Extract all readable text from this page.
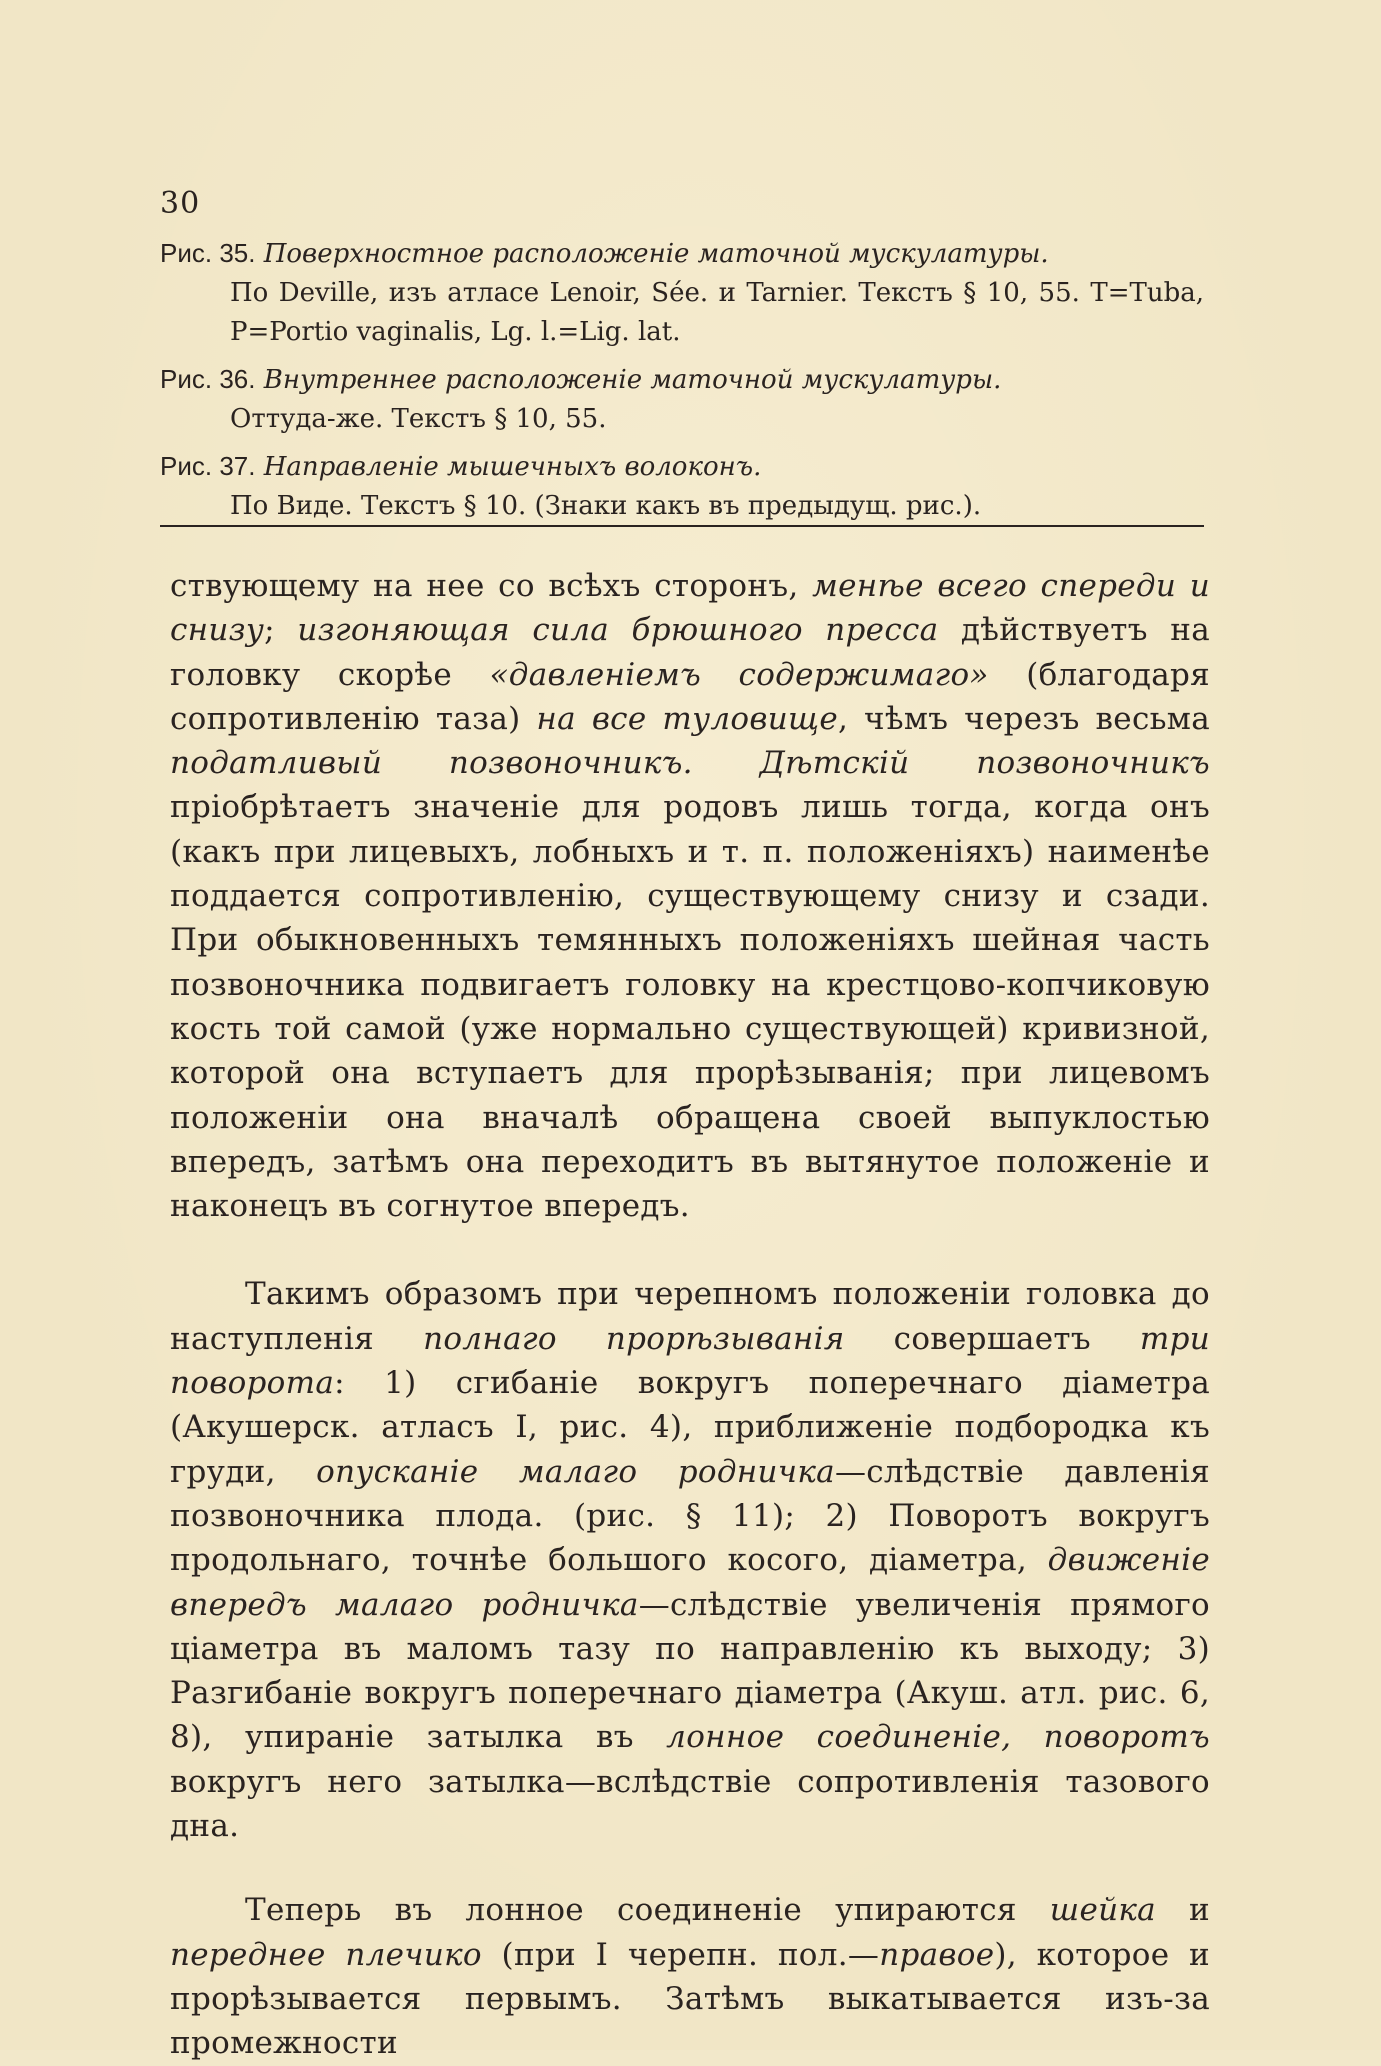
30
Рис. 35. Поверхностное расположеніе маточной мускулатуры.
По Deville, изъ атласе Lenoir, Sée. и Tarnier. Текстъ § 10, 55. T=Tuba, P=Portio vaginalis, Lg. l.=Lig. lat.
Рис. 36. Внутреннее расположеніе маточной мускулатуры.
Оттуда-же. Текстъ § 10, 55.
Рис. 37. Направленіе мышечныхъ волоконъ.
По Bидe. Текстъ § 10. (Знаки какъ въ предыдущ. рис.).

ствующему на нее со всѣхъ сторонъ, менѣе всего спереди и снизу; изгоняющая сила брюшного пресса дѣйствуетъ на головку скорѣе «давленіемъ содержимаго» (благодаря сопротивленію таза) на все туловище, чѣмъ черезъ весьма податливый позвоночникъ. Дѣтскій позвоночникъ пріобрѣтаетъ значеніе для родовъ лишь тогда, когда онъ (какъ при лицевыхъ, лобныхъ и т. п. положеніяхъ) наименѣе поддается сопротивленію, существующему снизу и сзади. При обыкновенныхъ темянныхъ положеніяхъ шейная часть позвоночника подвигаетъ головку на крестцово-копчиковую кость той самой (уже нормально существующей) кривизной, которой она вступаетъ для прорѣзыванія; при лицевомъ положеніи она вначалѣ обращена своей выпуклостью впередъ, затѣмъ она переходитъ въ вытянутое положеніе и наконецъ въ согнутое впередъ.

Такимъ образомъ при черепномъ положеніи головка до наступленія полнаго прорѣзыванія совершаетъ три поворота: 1) сгибаніе вокругъ поперечнаго діаметра (Акушерск. атласъ I, рис. 4), приближеніе подбородка къ груди, опусканіе малаго родничка—слѣдствіе давленія позвоночника плода. (рис. § 11); 2) Поворотъ вокругъ продольнаго, точнѣе большого косого, діаметра, движеніе впередъ малаго родничка—слѣдствіе увеличенія прямого ціаметра въ маломъ тазу по направленію къ выходу; 3) Разгибаніе вокругъ поперечнаго діаметра (Акуш. атл. рис. 6, 8), упираніе затылка въ лонное соединеніе, поворотъ вокругъ него затылка—вслѣдствіе сопротивленія тазового дна.

Теперь въ лонное соединеніе упираются шейка и переднее плечико (при I черепн. пол.—правое), которое и прорѣзывается первымъ. Затѣмъ выкатывается изъ-за промежности
